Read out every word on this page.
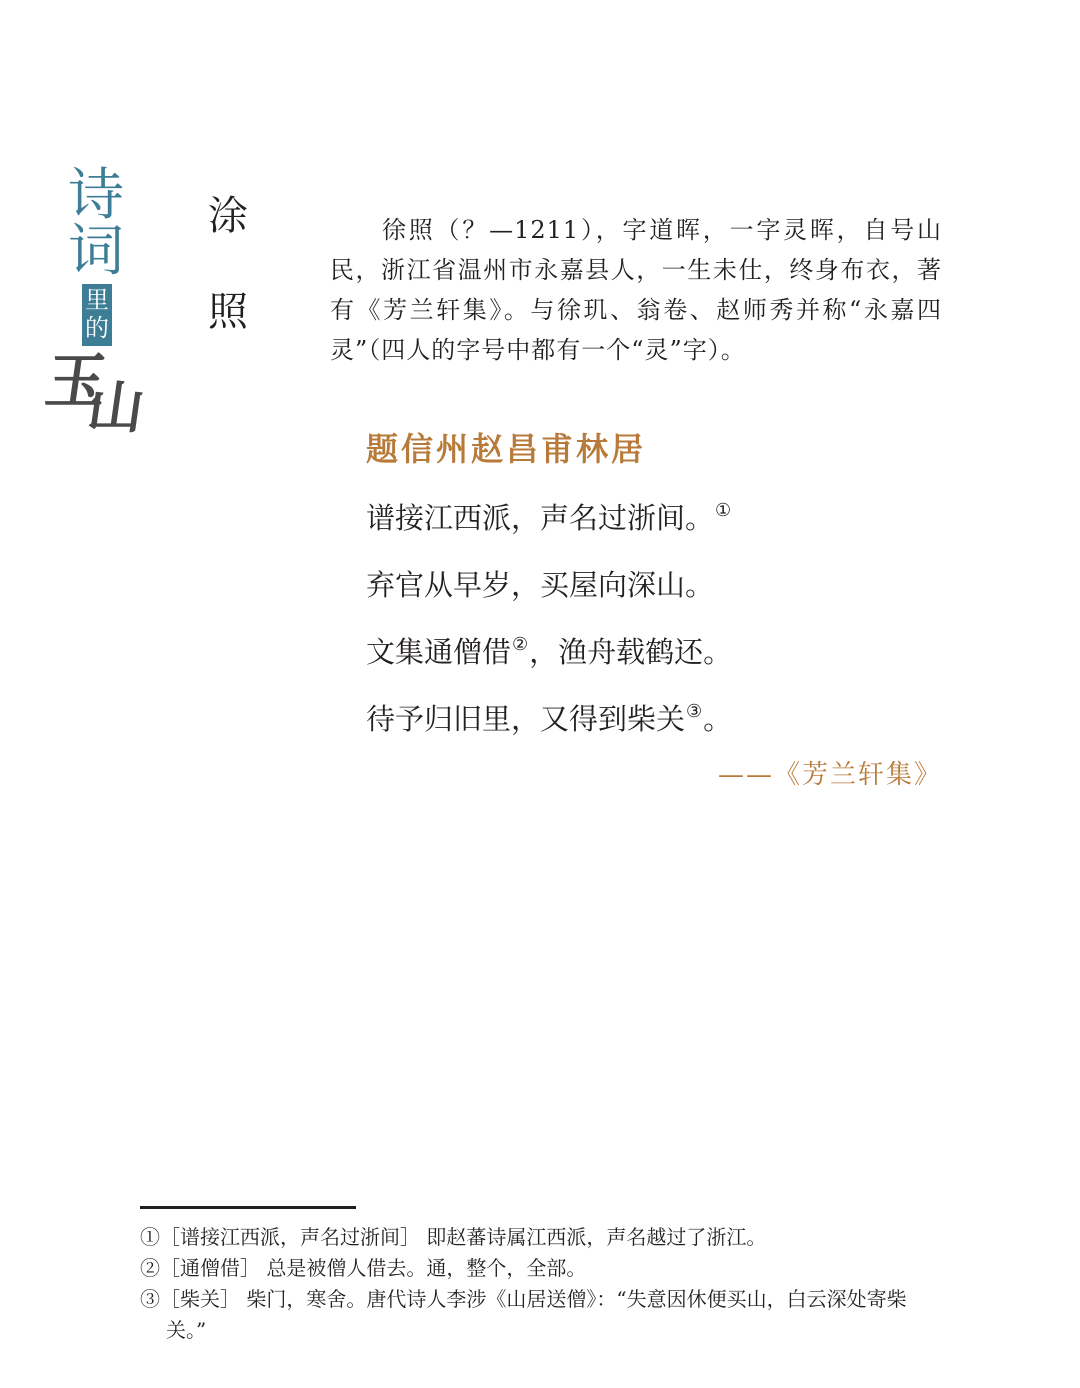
诗
词
里
的
玉
山
涂
照

徐照（？—1211），字道晖，一字灵晖，自号山民，浙江省温州市永嘉县人，一生未仕，终身布衣，著有《芳兰轩集》。与徐玑、翁卷、赵师秀并称“永嘉四灵”（四人的字号中都有一个“灵”字）。

题信州赵昌甫林居
谱接江西派，声名过浙间。①
弃官从早岁，买屋向深山。
文集通僧借②，渔舟载鹤还。
待予归旧里，又得到柴关③。
——《芳兰轩集》
①［谱接江西派，声名过浙间］ 即赵蕃诗属江西派，声名越过了浙江。
②［通僧借］ 总是被僧人借去。通，整个，全部。
③［柴关］ 柴门，寒舍。唐代诗人李涉《山居送僧》：“失意因休便买山，白云深处寄柴关。”
